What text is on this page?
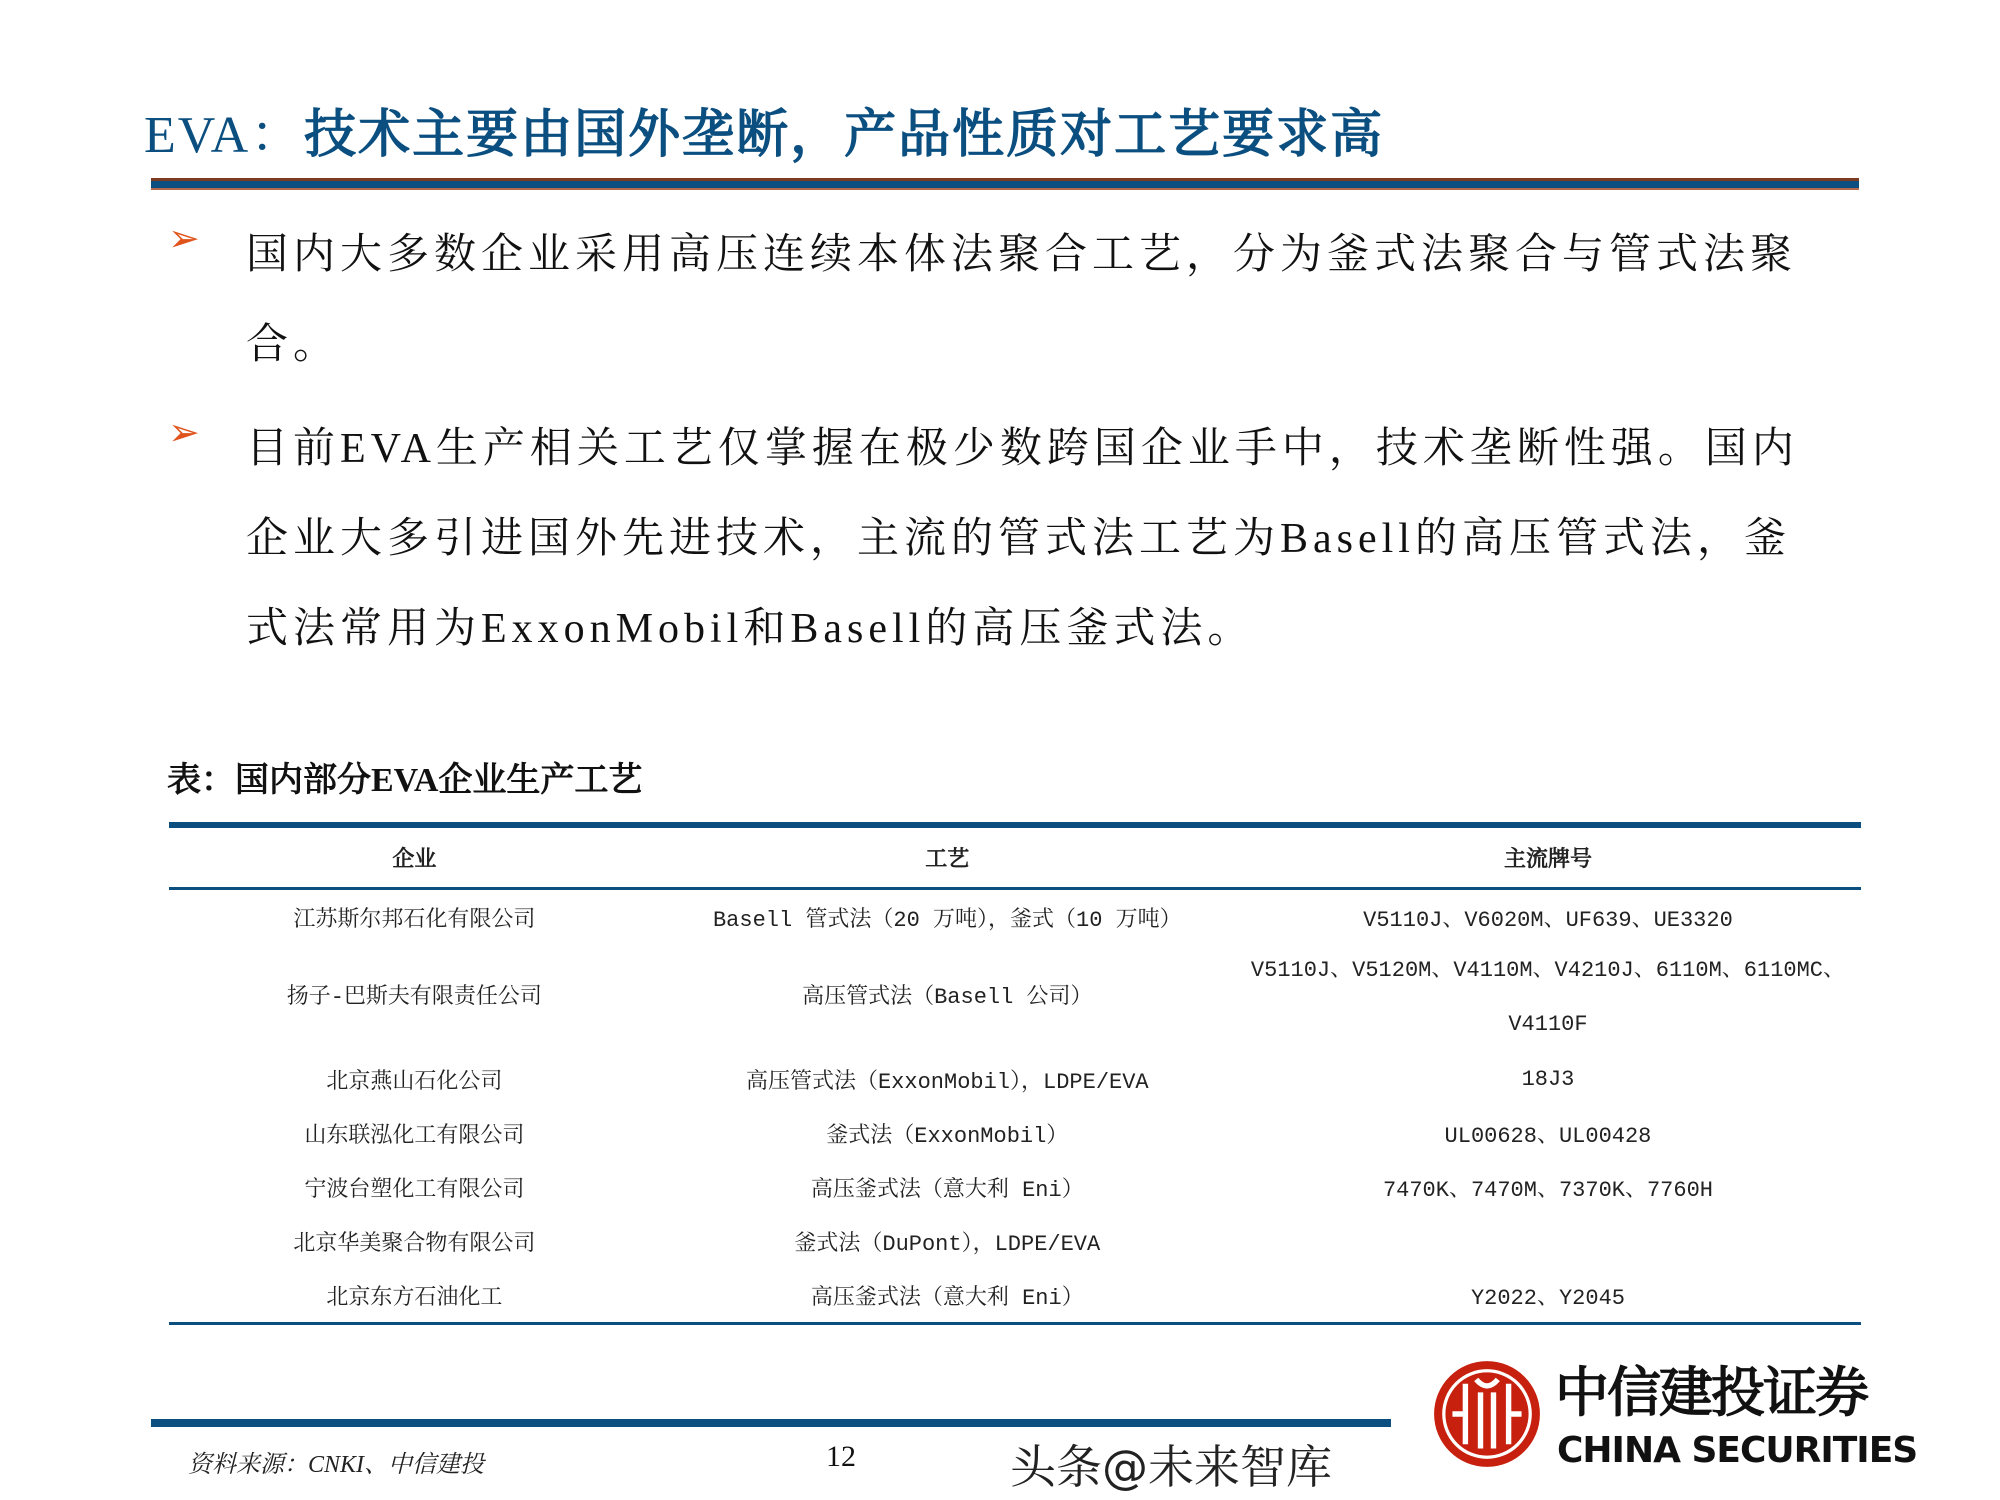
EVA：技术主要由国外垄断，产品性质对工艺要求高
➢ 国内大多数企业采用高压连续本体法聚合工艺，分为釜式法聚合与管式法聚合。
➢ 目前EVA生产相关工艺仅掌握在极少数跨国企业手中，技术垄断性强。国内企业大多引进国外先进技术，主流的管式法工艺为Basell的高压管式法，釜式法常用为ExxonMobil和Basell的高压釜式法。
表：国内部分EVA企业生产工艺
企业	工艺	主流牌号
江苏斯尔邦石化有限公司	Basell 管式法（20 万吨），釜式（10 万吨）	V5110J、V6020M、UF639、UE3320
扬子-巴斯夫有限责任公司	高压管式法（Basell 公司）	V5110J、V5120M、V4110M、V4210J、6110M、6110MC、V4110F
北京燕山石化公司	高压管式法（ExxonMobil），LDPE/EVA	18J3
山东联泓化工有限公司	釜式法（ExxonMobil）	UL00628、UL00428
宁波台塑化工有限公司	高压釜式法（意大利 Eni）	7470K、7470M、7370K、7760H
北京华美聚合物有限公司	釜式法（DuPont），LDPE/EVA	
北京东方石油化工	高压釜式法（意大利 Eni）	Y2022、Y2045
资料来源：CNKI、中信建投	12
中信建投证券
CHINA SECURITIES
头条@未来智库
